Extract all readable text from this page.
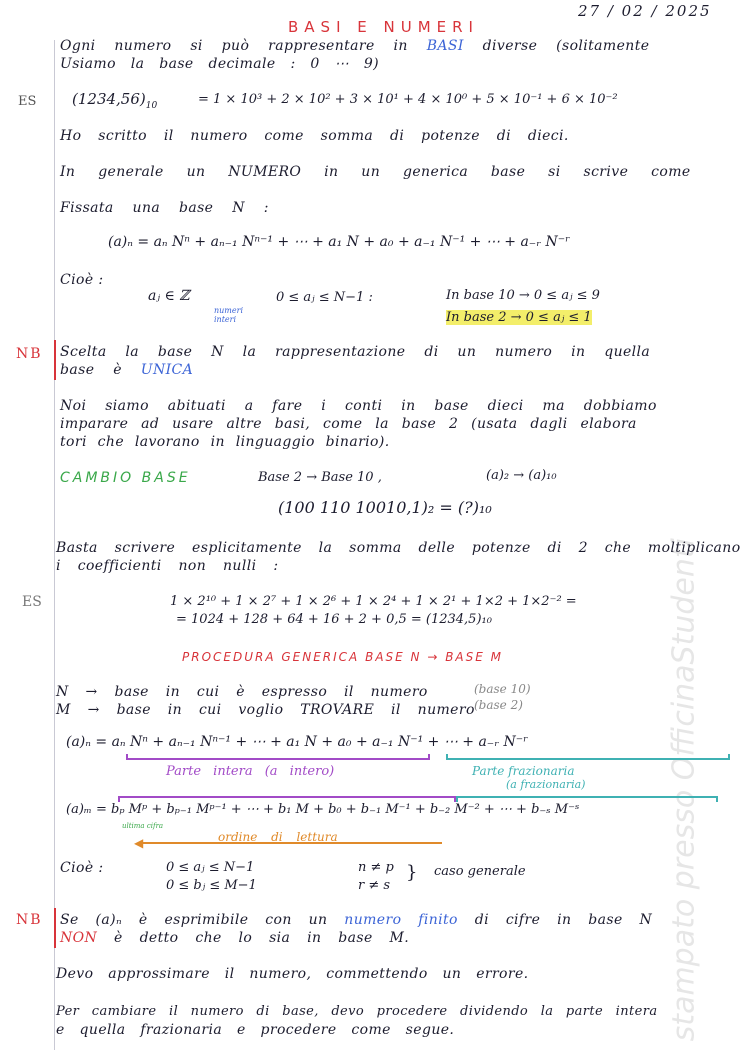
stampato presso OfficinaStudenti
BASI E NUMERI
27 / 02 / 2025
Ogni numero si può rappresentare in BASI diverse (solitamente
Usiamo la base decimale : 0 ⋯ 9)
ES $(1234,56)_{10}$	= 1 × 10³ + 2 × 10² + 3 × 10¹ + 4 × 10⁰ + 5 × 10⁻¹ + 6 × 10⁻²
Ho scritto il numero come somma di potenze di dieci.
In generale un NUMERO in un generica base si scrive come
Fissata una base N :
(a)ₙ = aₙ Nⁿ + aₙ₋₁ Nⁿ⁻¹ + ⋯ + a₁ N + a₀ + a₋₁ N⁻¹ + ⋯ + a₋ᵣ N⁻ʳ
Cioè :
aⱼ ∈ ℤ
numeri interi
0 ≤ aⱼ ≤ N−1 :	In base 10 → 0 ≤ aⱼ ≤ 9
In base 2 → 0 ≤ aⱼ ≤ 1
NB Scelta la base N la rappresentazione di un numero in quella
base è UNICA
Noi siamo abituati a fare i conti in base dieci ma dobbiamo
imparare ad usare altre basi, come la base 2 (usata dagli elabora
tori che lavorano in linguaggio binario).
CAMBIO BASE	Base 2 → Base 10 ,	(a)₂ → (a)₁₀
(100 110 10010,1)₂ = (?)₁₀
Basta scrivere esplicitamente la somma delle potenze di 2 che moltiplicano
i coefficienti non nulli :
ES	1 × 2¹⁰ + 1 × 2⁷ + 1 × 2⁶ + 1 × 2⁴ + 1 × 2¹ + 1×2 + 1×2⁻² =
= 1024 + 128 + 64 + 16 + 2 + 0,5 = (1234,5)₁₀
PROCEDURA GENERICA BASE N → BASE M
N → base in cui è espresso il numero	(base 10)
M → base in cui voglio TROVARE il numero (base 2)
(a)ₙ = aₙ Nⁿ + aₙ₋₁ Nⁿ⁻¹ + ⋯ + a₁ N + a₀ + a₋₁ N⁻¹ + ⋯ + a₋ᵣ N⁻ʳ
Parte intera (a intero)	Parte frazionaria
(a frazionaria)
(a)ₘ = bₚ Mᵖ + bₚ₋₁ Mᵖ⁻¹ + ⋯ + b₁ M + b₀ + b₋₁ M⁻¹ + b₋₂ M⁻² + ⋯ + b₋ₛ M⁻ˢ
ultima cifra
◀	ordine di lettura
Cioè :	0 ≤ aⱼ ≤ N−1
0 ≤ bⱼ ≤ M−1
n ≠ p
r ≠ s
} caso generale
NB Se (a)ₙ è esprimibile con un numero finito di cifre in base N
NON è detto che lo sia in base M.
Devo approssimare il numero, commettendo un errore.
Per cambiare il numero di base, devo procedere dividendo la parte intera
e quella frazionaria e procedere come segue.
